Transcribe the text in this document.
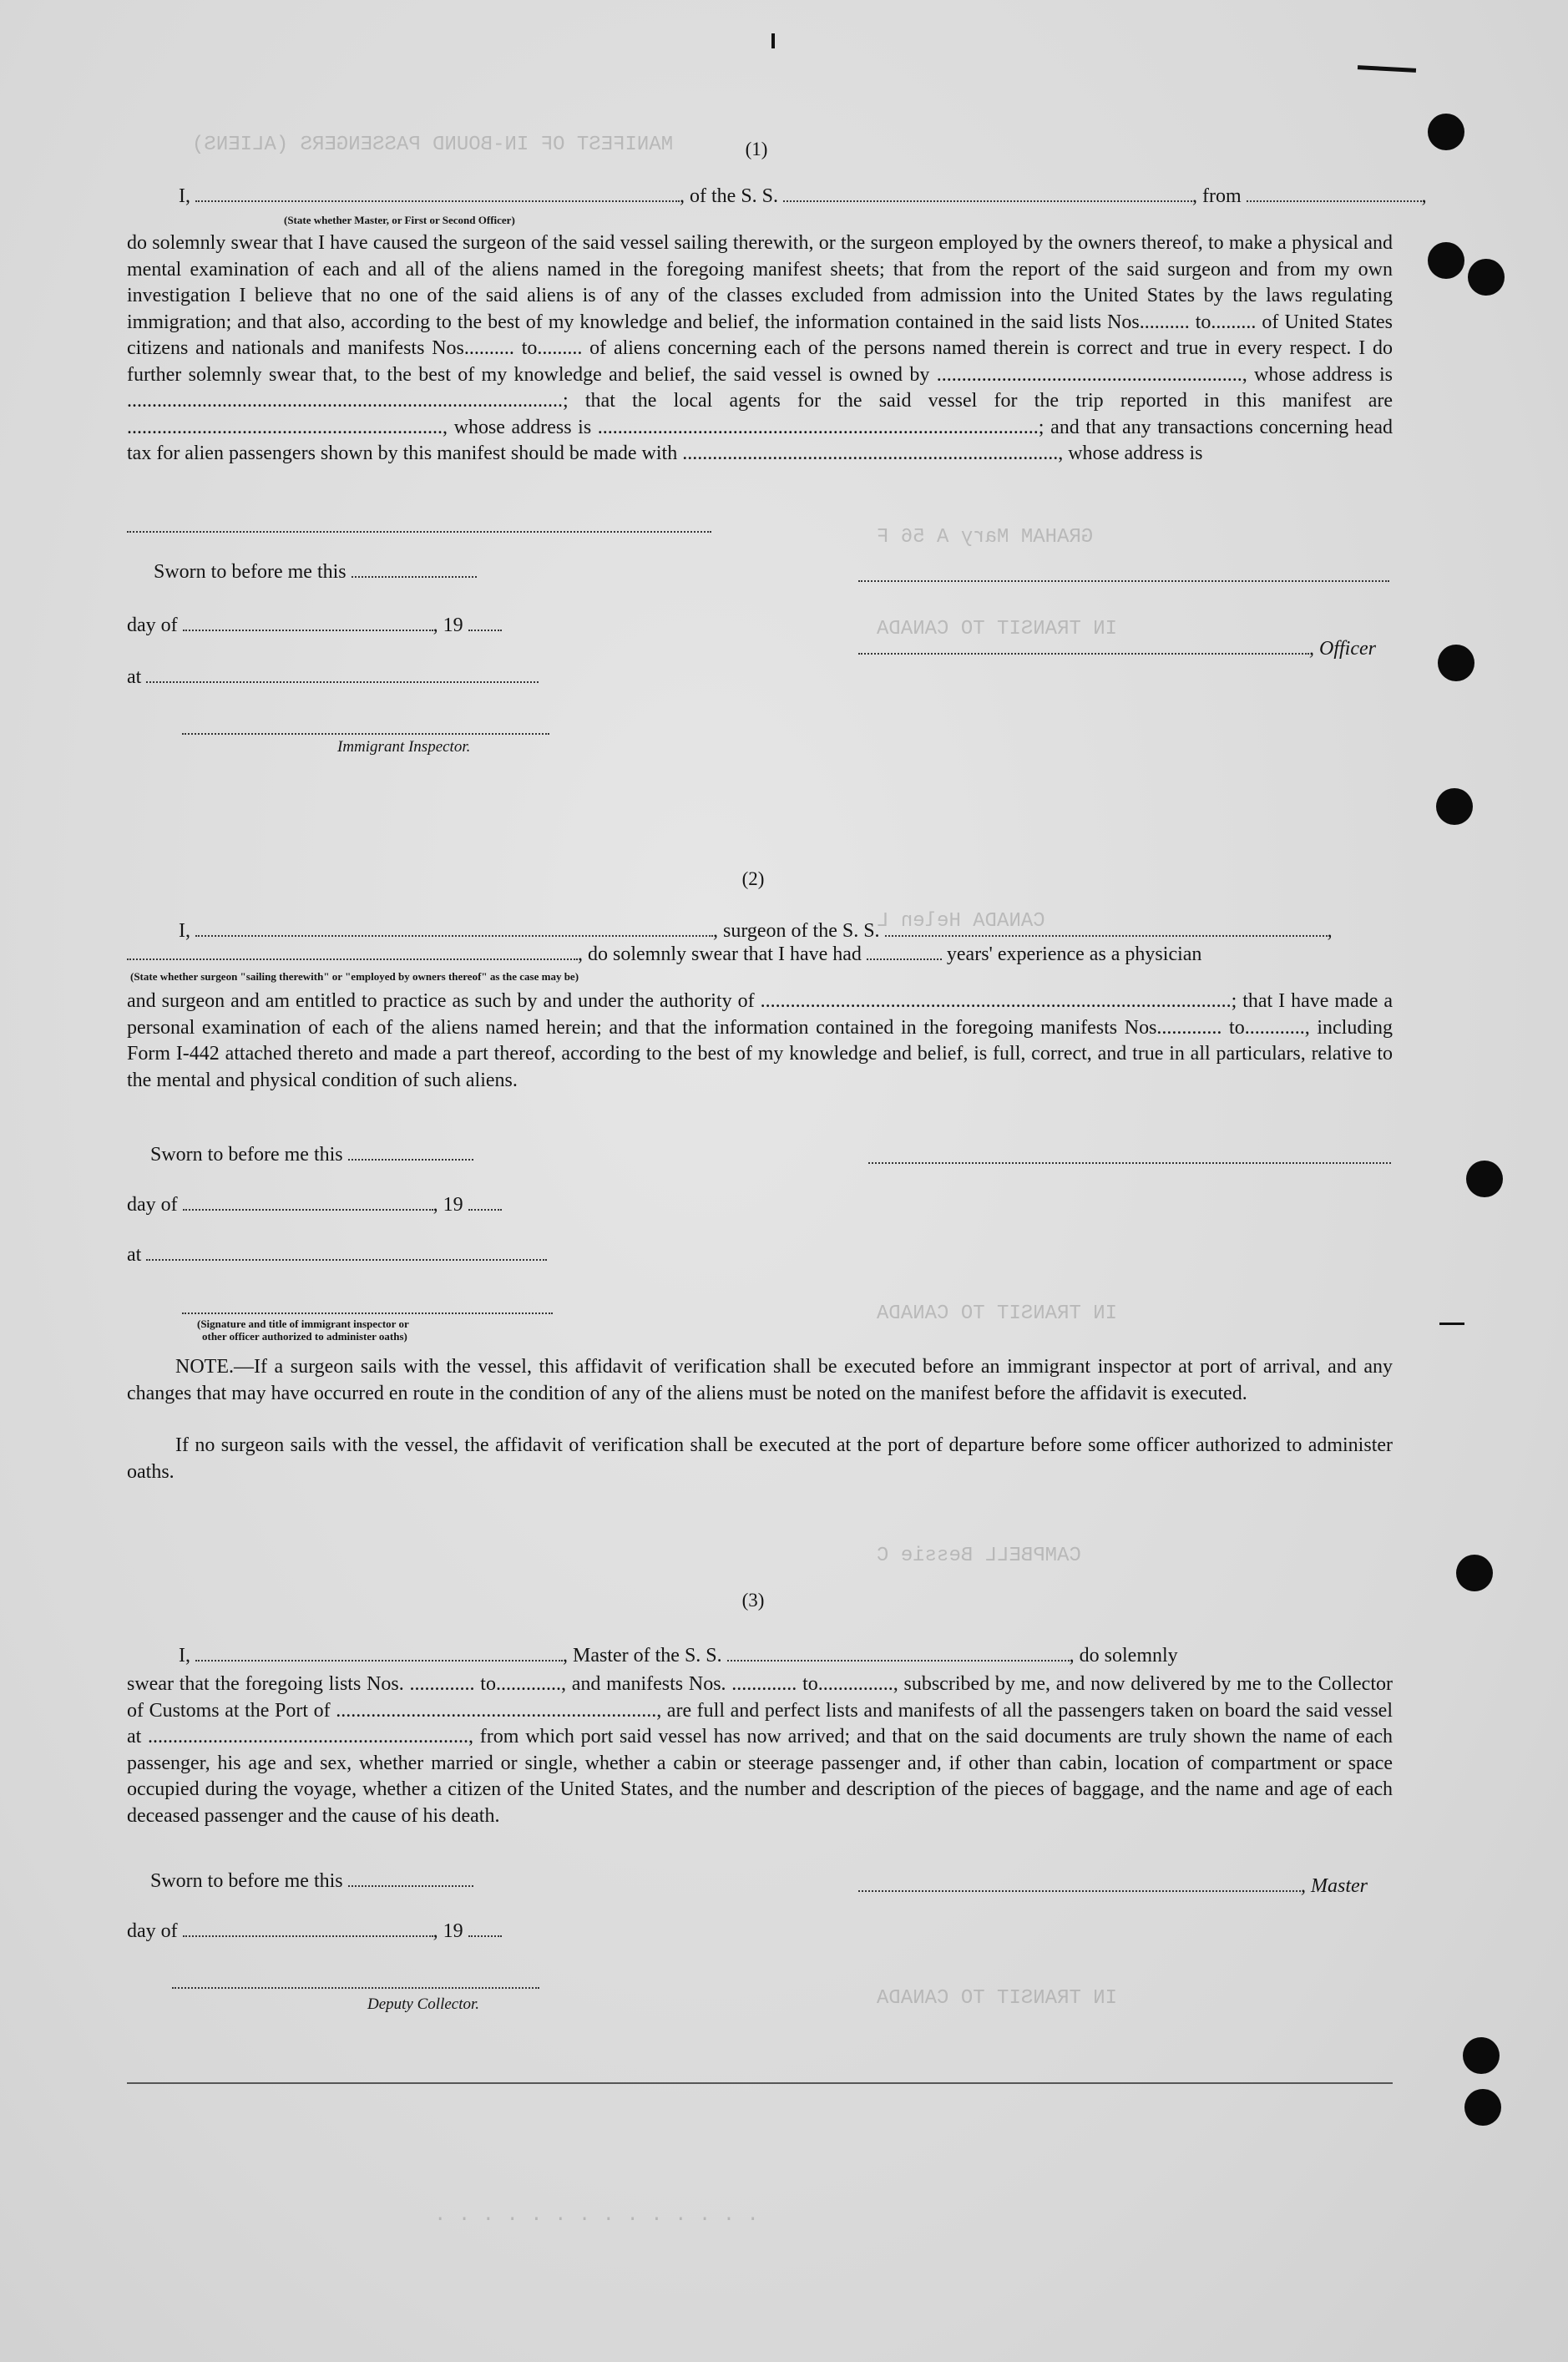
MANIFEST OF IN-BOUND PASSENGERS (ALIENS)
GRAHAM Mary A 56 F
IN TRANSIT TO CANADA
CANADA Helen L
IN TRANSIT TO CANADA
CAMPBELL Bessie C
IN TRANSIT TO CANADA
. . . . . . . . . . . . . .
(1)
I,	, of the S. S.	, from	,
(State whether Master, or First or Second Officer)
do solemnly swear that I have caused the surgeon of the said vessel sailing therewith, or the surgeon employed by the owners thereof, to make a physical and mental examination of each and all of the aliens named in the foregoing manifest sheets; that from the report of the said surgeon and from my own investigation I believe that no one of the said aliens is of any of the classes excluded from admission into the United States by the laws regulating immigration; and that also, according to the best of my knowledge and belief, the information contained in the said lists Nos.......... to......... of United States citizens and nationals and manifests Nos.......... to......... of aliens concerning each of the persons named therein is correct and true in every respect. I do further solemnly swear that, to the best of my knowledge and belief, the said vessel is owned by ............................................................., whose address is .......................................................................................; that the local agents for the said vessel for the trip reported in this manifest are ..............................................................., whose address is ........................................................................................; and that any transactions concerning head tax for alien passengers shown by this manifest should be made with ..........................................................................., whose address is
Sworn to before me this
day of	, 19
, Officer
at
Immigrant Inspector.
(2)
I,	, surgeon of the S. S.	,
, do solemnly swear that I have had	years' experience as a physician
(State whether surgeon "sailing therewith" or "employed by owners thereof" as the case may be)
and surgeon and am entitled to practice as such by and under the authority of ..............................................................................................; that I have made a personal examination of each of the aliens named herein; and that the information contained in the foregoing manifests Nos............. to............, including Form I-442 attached thereto and made a part thereof, according to the best of my knowledge and belief, is full, correct, and true in all particulars, relative to the mental and physical condition of such aliens.
Sworn to before me this
day of	, 19
at
(Signature and title of immigrant inspector or
other officer authorized to administer oaths)
NOTE.—If a surgeon sails with the vessel, this affidavit of verification shall be executed before an immigrant inspector at port of arrival, and any changes that may have occurred en route in the condition of any of the aliens must be noted on the manifest before the affidavit is executed.
If no surgeon sails with the vessel, the affidavit of verification shall be executed at the port of departure before some officer authorized to administer oaths.
(3)
I,	, Master of the S. S.	, do solemnly
swear that the foregoing lists Nos. ............. to............., and manifests Nos. ............. to..............., subscribed by me, and now delivered by me to the Collector of Customs at the Port of ................................................................, are full and perfect lists and manifests of all the passengers taken on board the said vessel at ................................................................, from which port said vessel has now arrived; and that on the said documents are truly shown the name of each passenger, his age and sex, whether married or single, whether a cabin or steerage passenger and, if other than cabin, location of compartment or space occupied during the voyage, whether a citizen of the United States, and the number and description of the pieces of baggage, and the name and age of each deceased passenger and the cause of his death.
Sworn to before me this	, Master
day of	, 19
Deputy Collector.
